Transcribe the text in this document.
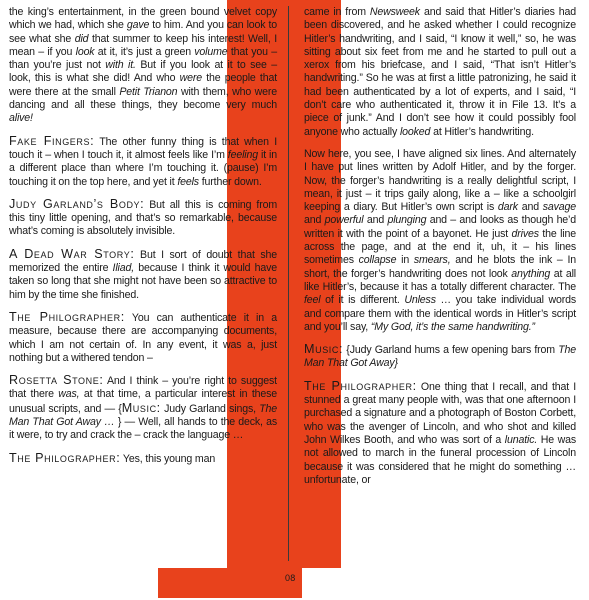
the king’s entertainment, in the green bound velvet copy which we had, which she gave to him. And you can look to see what she did that summer to keep his interest! Well, I mean – if you look at it, it’s just a green volume that you – than you’re just not with it. But if you look at it to see – look, this is what she did! And who were the people that were there at the small Petit Trianon with them, who were dancing and all these things, they become very much alive!

Fake Fingers: The other funny thing is that when I touch it – when I touch it, it almost feels like I’m feeling it in a different place than where I’m touching it. (pause) I’m touching it on the top here, and yet it feels further down.

Judy Garland’s Body: But all this is coming from this tiny little opening, and that’s so remarkable, because what’s coming is absolutely invisible.

A Dead War Story: But I sort of doubt that she memorized the entire Iliad, because I think it would have taken so long that she might not have been so attractive to him by the time she finished.

The Philographer: You can authenticate it in a measure, because there are accompanying documents, which I am not certain of. In any event, it was a, just nothing but a withered tendon –

Rosetta Stone: And I think – you’re right to suggest that there was, at that time, a particular interest in these unusual scripts, and — {Music: Judy Garland sings, The Man That Got Away … } — Well, all hands to the deck, as it were, to try and crack the – crack the language …

The Philographer: Yes, this young man

came in from Newsweek and said that Hitler’s diaries had been discovered, and he asked whether I could recognize Hitler’s handwriting, and I said, “I know it well,” so, he was sitting about six feet from me and he started to pull out a xerox from his briefcase, and I said, “That isn’t Hitler’s handwriting.” So he was at first a little patronizing, he said it had been authenticated by a lot of experts, and I said, “I don’t care who authenticated it, throw it in File 13. It’s a piece of junk.” And I don’t see how it could possibly fool anyone who actually looked at Hitler’s handwriting.

Now here, you see, I have aligned six lines. And alternately I have put lines written by Adolf Hitler, and by the forger. Now, the forger’s handwriting is a really delightful script, I mean, it just – it trips gaily along, like a – like a schoolgirl keeping a diary. But Hitler’s own script is dark and savage and powerful and plunging and – and looks as though he’d written it with the point of a bayonet. He just drives the line across the page, and at the end it, uh, it – his lines sometimes collapse in smears, and he blots the ink – In short, the forger’s handwriting does not look anything at all like Hitler’s, because it has a totally different character. The feel of it is different. Unless … you take individual words and compare them with the identical words in Hitler’s script and you’ll say, “My God, it’s the same handwriting.”

Music: {Judy Garland hums a few opening bars from The Man That Got Away}

The Philographer: One thing that I recall, and that I stunned a great many people with, was that one afternoon I purchased a signature and a photograph of Boston Corbett, who was the avenger of Lincoln, and who shot and killed John Wilkes Booth, and who was sort of a lunatic. He was not allowed to march in the funeral procession of Lincoln because it was considered that he might do something … unfortunate, or

08
